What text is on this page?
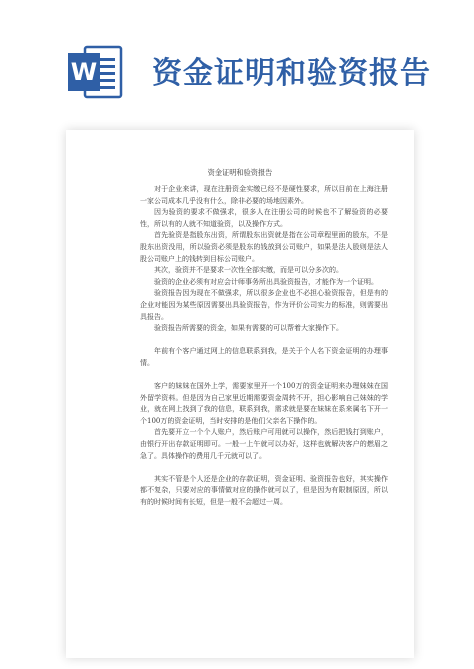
W 资金证明和验资报告
资金证明和验资报告

对于企业来讲，现在注册资金实缴已经不是硬性要求，所以目前在上海注册一家公司成本几乎没有什么，除非必要的场地因素外。

因为验资的要求不做强求，很多人在注册公司的时候也不了解验资的必要性，所以有的人就不知道验资，以及操作方式。

首先验资是指股东出资，所谓股东出资就是指在公司章程里面的股东，不是股东出资没用，所以验资必须是股东的钱放到公司账户，如果是法人股则是法人股公司账户上的钱转到目标公司账户。

其次，验资并不是要求一次性全部实缴，而是可以分多次的。

验资的企业必须有对应会计师事务所出具验资报告，才能作为一个证明。

验资报告因为现在不做强求，所以很多企业也不必担心验资报告，但是有的企业对能因为某些原因需要出具验资报告，作为评价公司实力的标准，则需要出具报告。

验资报告所需要的资金，如果有需要的可以帮着大家操作下。

年前有个客户通过网上的信息联系到我，是关于个人名下资金证明的办理事情。

客户的妹妹在国外上学，需要家里开一个100万的资金证明来办理妹妹在国外留学资料。但是因为自己家里近期需要资金周转不开，担心影响自己妹妹的学业，就在网上找到了我的信息，联系到我，需求就是要在妹妹在系来属名下开一个100万的资金证明，当时安排的是他们父亲名下操作的。

首先要开立一个个人账户，然后账户可用就可以操作，然后把钱打到账户，由银行开出存款证明即可。一般一上午就可以办好，这样也就解决客户的燃眉之急了。具体操作的费用几千元就可以了。

其实不管是个人还是企业的存款证明，资金证明、验资报告也好，其实操作都不复杂，只要对应的事情做对应的操作就可以了，但是因为有限制原因，所以有的时候时间有长短，但是一般不会超过一周。
